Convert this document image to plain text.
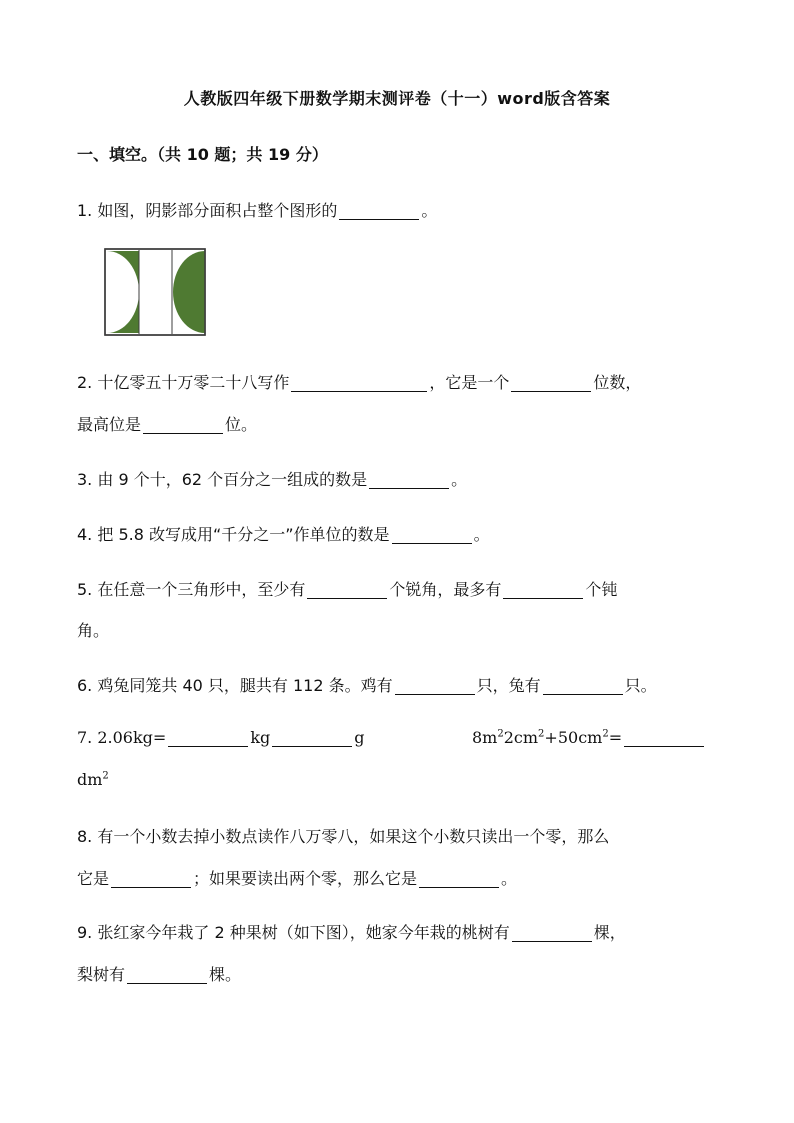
人教版四年级下册数学期末测评卷（十一）word版含答案
一、填空。（共 10 题；共 19 分）
1. 如图，阴影部分面积占整个图形的	。
2. 十亿零五十万零二十八写作	，它是一个	位数，
最高位是	位。
3. 由 9 个十，62 个百分之一组成的数是	。
4. 把 5.8 改写成用“千分之一”作单位的数是	。
5. 在任意一个三角形中，至少有	个锐角，最多有	个钝
角。
6. 鸡兔同笼共 40 只，腿共有 112 条。鸡有	只，兔有	只。
7. 2.06kg=	kg	g	$8m^22cm^2+50cm^2=$
$dm^2$
8. 有一个小数去掉小数点读作八万零八，如果这个小数只读出一个零，那么
它是	；如果要读出两个零，那么它是	。
9. 张红家今年栽了 2 种果树（如下图），她家今年栽的桃树有	棵，
梨树有	棵。
